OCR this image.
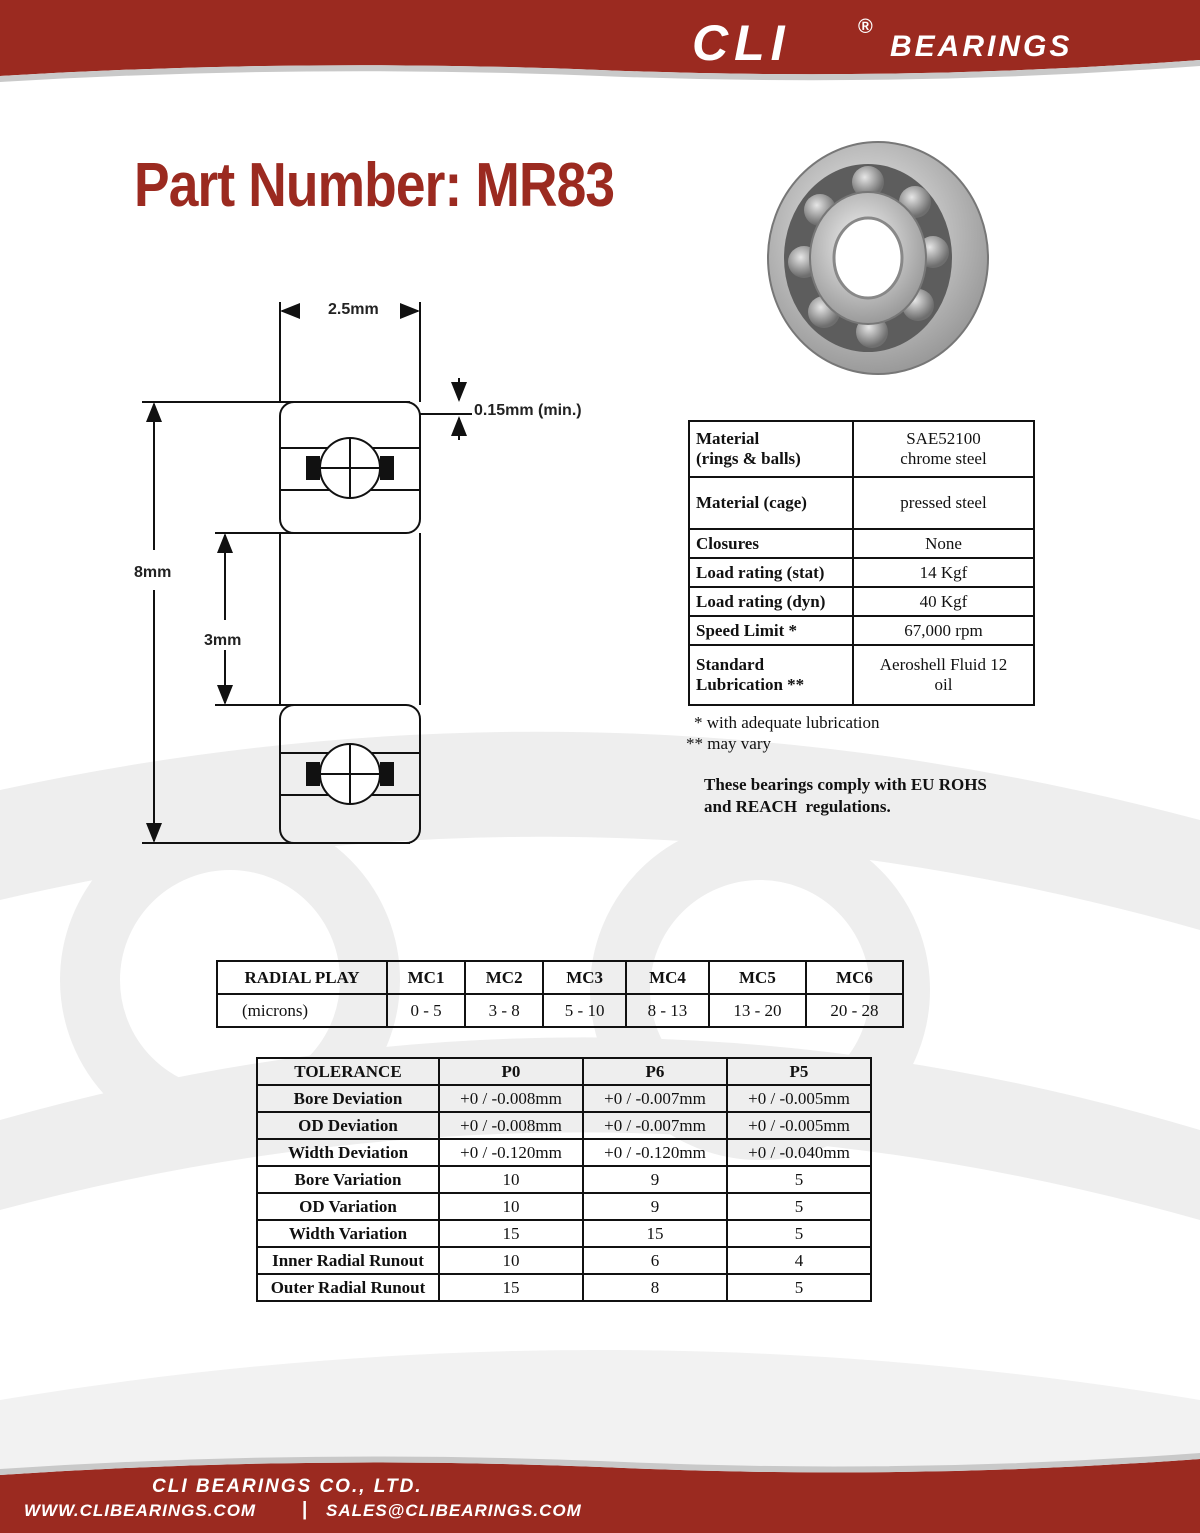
CLI	®
BEARINGS
Part Number: MR83
2.5mm
0.15mm (min.)
8mm
3mm
Material
(rings & balls)	SAE52100
chrome steel
Material (cage)	pressed steel
Closures	None
Load rating (stat)	14 Kgf
Load rating (dyn)	40 Kgf
Speed Limit *	67,000 rpm
Standard
Lubrication **	Aeroshell Fluid 12
oil
* with adequate lubrication
** may vary
These bearings comply with EU ROHS
and REACH  regulations.
RADIAL PLAY	MC1	MC2	MC3	MC4	MC5	MC6
(microns)	0 - 5	3 - 8	5 - 10	8 - 13	13 - 20	20 - 28
TOLERANCE	P0	P6	P5
Bore Deviation	+0 / -0.008mm	+0 / -0.007mm	+0 / -0.005mm
OD Deviation	+0 / -0.008mm	+0 / -0.007mm	+0 / -0.005mm
Width Deviation	+0 / -0.120mm	+0 / -0.120mm	+0 / -0.040mm
Bore Variation	10	9	5
OD Variation	10	9	5
Width Variation	15	15	5
Inner Radial Runout	10	6	4
Outer Radial Runout	15	8	5
CLI BEARINGS CO., LTD.
WWW.CLIBEARINGS.COM | SALES@CLIBEARINGS.COM
